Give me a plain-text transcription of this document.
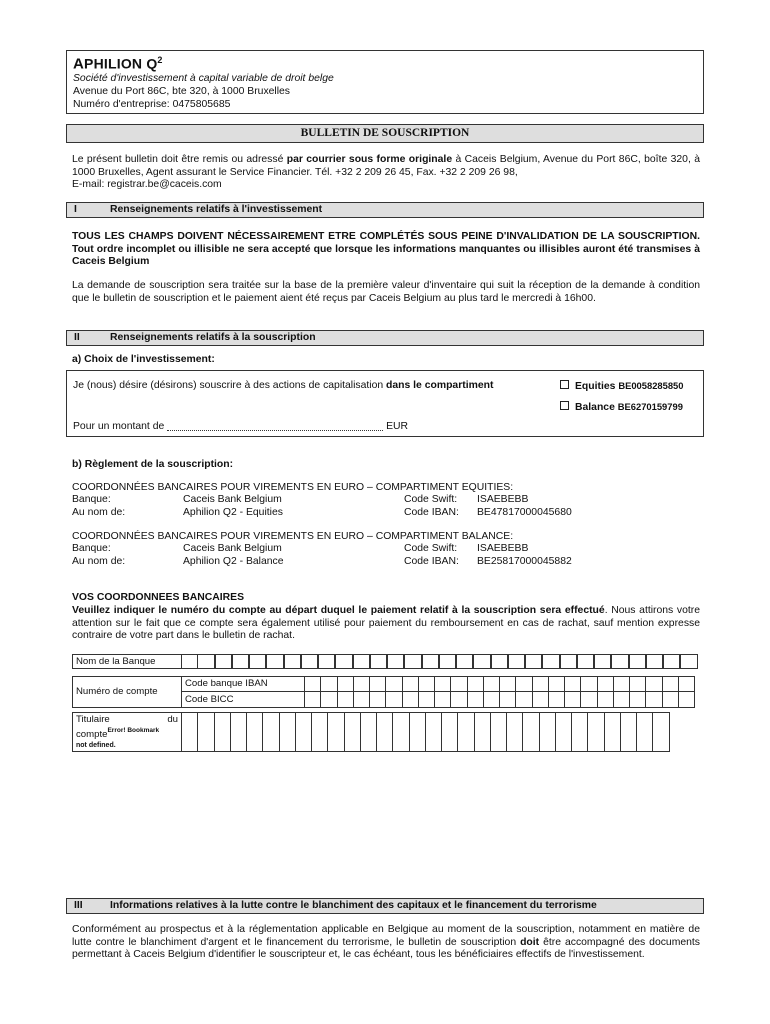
APHILION $Q^2$
Société d'investissement à capital variable de droit belge
Avenue du Port 86C, bte 320, à 1000 Bruxelles
Numéro d'entreprise: 0475805685
BULLETIN DE SOUSCRIPTION
Le présent bulletin doit être remis ou adressé par courrier sous forme originale à Caceis Belgium, Avenue du Port 86C, boîte 320, à 1000 Bruxelles, Agent assurant le Service Financier. Tél. +32 2 209 26 45, Fax. +32 2 209 26 98,
E-mail: registrar.be@caceis.com
I	Renseignements relatifs à l'investissement
TOUS LES CHAMPS DOIVENT NÉCESSAIREMENT ETRE COMPLÉTÉS SOUS PEINE D'INVALIDATION DE LA SOUSCRIPTION. Tout ordre incomplet ou illisible ne sera accepté que lorsque les informations manquantes ou illisibles auront été transmises à Caceis Belgium
La demande de souscription sera traitée sur la base de la première valeur d'inventaire qui suit la réception de la demande à condition que le bulletin de souscription et le paiement aient été reçus par Caceis Belgium au plus tard le mercredi à 16h00.
II	Renseignements relatifs à la souscription
a) Choix de l'investissement:
Je (nous) désire (désirons) souscrire à des actions de capitalisation dans le compartiment	Equities BE0058285850
Balance BE6270159799
Pour un montant de	EUR
b) Règlement de la souscription:
COORDONNÉES BANCAIRES POUR VIREMENTS EN EURO – COMPARTIMENT EQUITIES:
Banque:	Caceis Bank Belgium	Code Swift: ISAEBEBB
Au nom de:	Aphilion Q2 - Equities	Code IBAN: BE47817000045680
COORDONNÉES BANCAIRES POUR VIREMENTS EN EURO – COMPARTIMENT BALANCE:
Banque:	Caceis Bank Belgium	Code Swift: ISAEBEBB
Au nom de:	Aphilion Q2 - Balance	Code IBAN: BE25817000045882
VOS COORDONNEES BANCAIRES
Veuillez indiquer le numéro du compte au départ duquel le paiement relatif à la souscription sera effectué. Nous attirons votre attention sur le fait que ce compte sera également utilisé pour paiement du remboursement en cas de rachat, sauf mention expresse contraire de votre part dans le bulletin de rachat.
Nom de la Banque
Numéro de compte
Code banque IBAN
Code BICC
Titulaire	du
compte$^{Error! Bookmark}$
not defined.
III	Informations relatives à la lutte contre le blanchiment des capitaux et le financement du terrorisme
Conformément au prospectus et à la réglementation applicable en Belgique au moment de la souscription, notamment en matière de lutte contre le blanchiment d'argent et le financement du terrorisme, le bulletin de souscription doit être accompagné des documents permettant à Caceis Belgium d'identifier le souscripteur et, le cas échéant, tous les bénéficiaires effectifs de l'investissement.
